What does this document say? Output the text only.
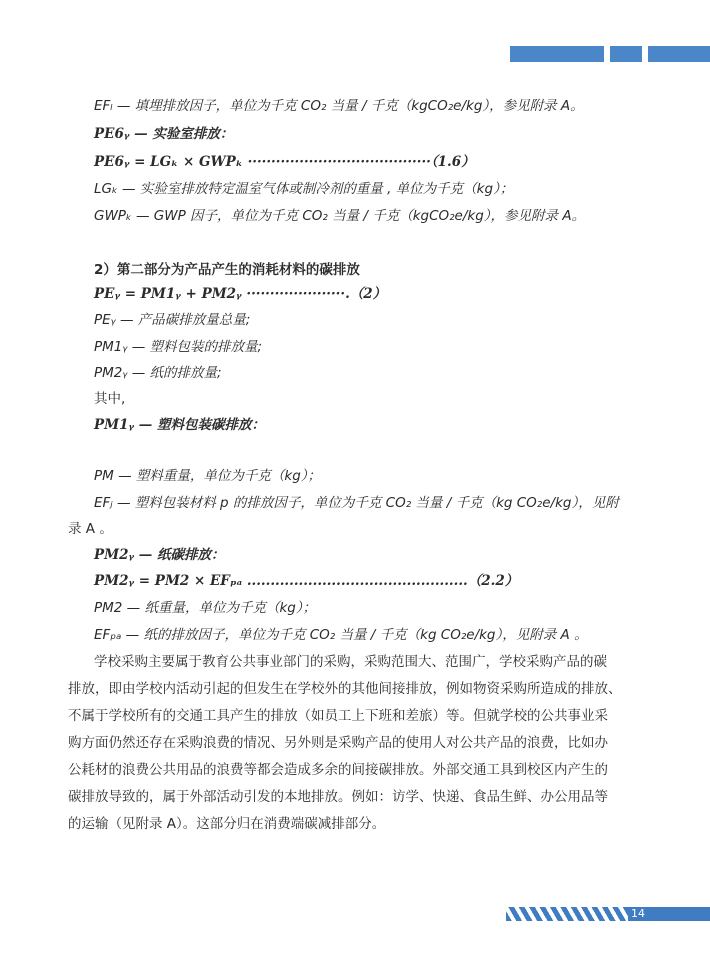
EFₗ — 填埋排放因子，单位为千克 CO₂ 当量 / 千克（kgCO₂e/kg），参见附录 A。
PE6ᵧ — 实验室排放：
PE6ᵧ = LGₖ × GWPₖ ·······································（1.6）
LGₖ — 实验室排放特定温室气体或制冷剂的重量 , 单位为千克（kg）；
GWPₖ — GWP 因子，单位为千克 CO₂ 当量 / 千克（kgCO₂e/kg），参见附录 A。
2）第二部分为产品产生的消耗材料的碳排放
PEᵧ = PM1ᵧ + PM2ᵧ ·····················.（2）
PEᵧ — 产品碳排放量总量;
PM1ᵧ — 塑料包装的排放量;
PM2ᵧ — 纸的排放量;
其中,
PM1ᵧ — 塑料包装碳排放：
PM — 塑料重量，单位为千克（kg）；
EFⱼ — 塑料包装材料 p 的排放因子，单位为千克 CO₂ 当量 / 千克（kg CO₂e/kg），见附
录 A 。
PM2ᵧ — 纸碳排放：
PM2ᵧ = PM2 × EFₚₐ ...............................................（2.2）
PM2 — 纸重量，单位为千克（kg）；
EFₚₐ — 纸的排放因子，单位为千克 CO₂ 当量 / 千克（kg CO₂e/kg），见附录 A 。
学校采购主要属于教育公共事业部门的采购，采购范围大、范围广，学校采购产品的碳
排放，即由学校内活动引起的但发生在学校外的其他间接排放，例如物资采购所造成的排放、
不属于学校所有的交通工具产生的排放（如员工上下班和差旅）等。但就学校的公共事业采
购方面仍然还存在采购浪费的情况、另外则是采购产品的使用人对公共产品的浪费，比如办
公耗材的浪费公共用品的浪费等都会造成多余的间接碳排放。外部交通工具到校区内产生的
碳排放导致的，属于外部活动引发的本地排放。例如：访学、快递、食品生鲜、办公用品等
的运输（见附录 A）。这部分归在消费端碳减排部分。
14
